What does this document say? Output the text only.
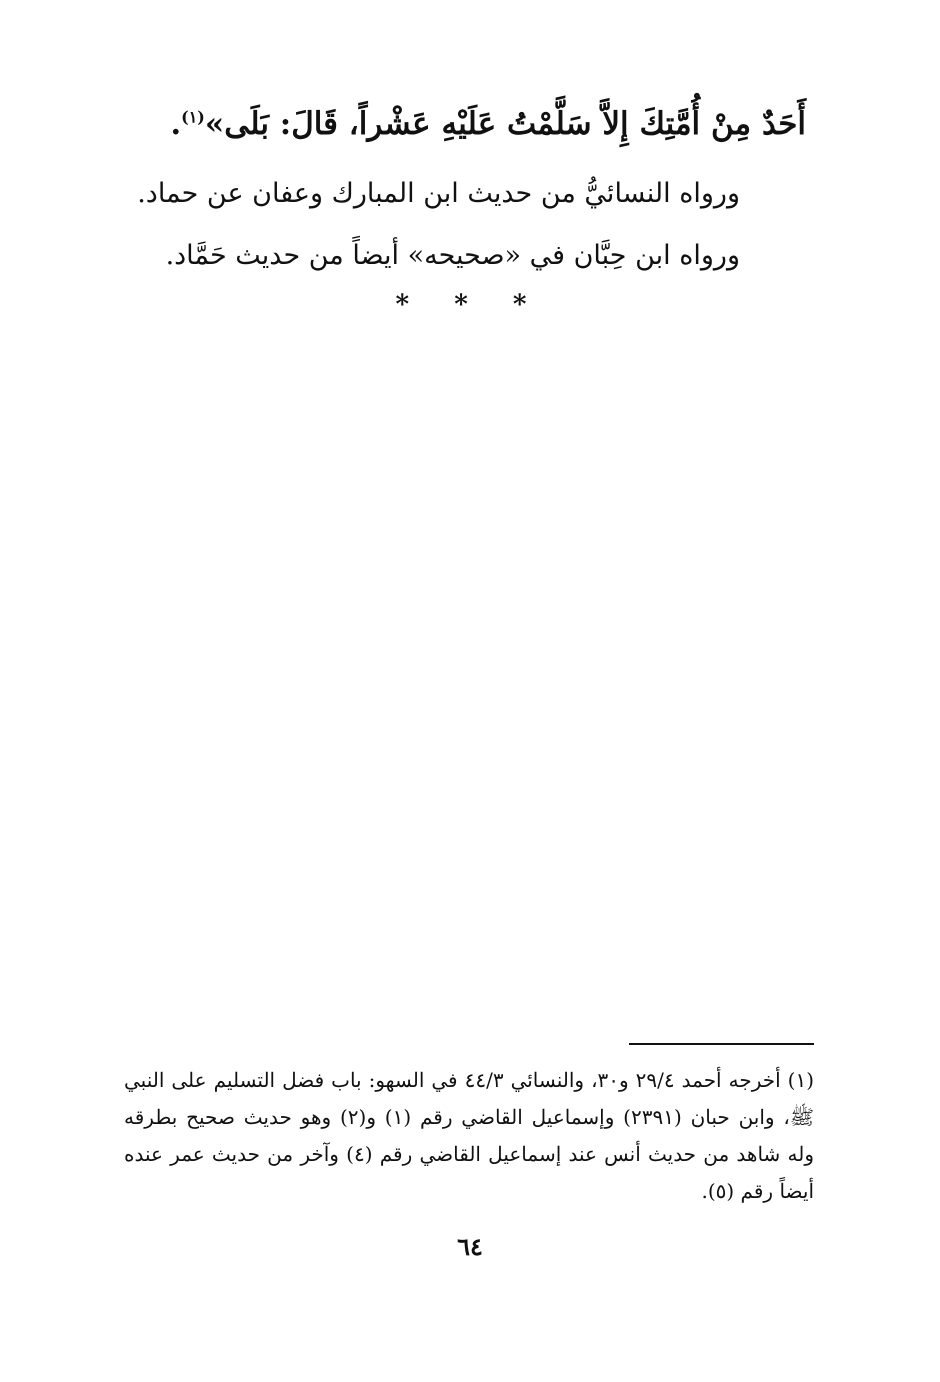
أَحَدٌ مِنْ أُمَّتِكَ إِلاَّ سَلَّمْتُ عَلَيْهِ عَشْراً، قَالَ: بَلَى»$^{(١)}$.
ورواه النسائيُّ من حديث ابن المبارك وعفان عن حماد.
ورواه ابن حِبَّان في «صحيحه» أيضاً من حديث حَمَّاد.
* * *

(١) أخرجه أحمد ٢٩/٤ و٣٠، والنسائي ٤٤/٣ في السهو: باب فضل التسليم على النبي ﷺ، وابن حبان (٢٣٩١) وإسماعيل القاضي رقم (١) و(٢) وهو حديث صحيح بطرقه وله شاهد من حديث أنس عند إسماعيل القاضي رقم (٤) وآخر من حديث عمر عنده أيضاً رقم (٥).

٦٤
